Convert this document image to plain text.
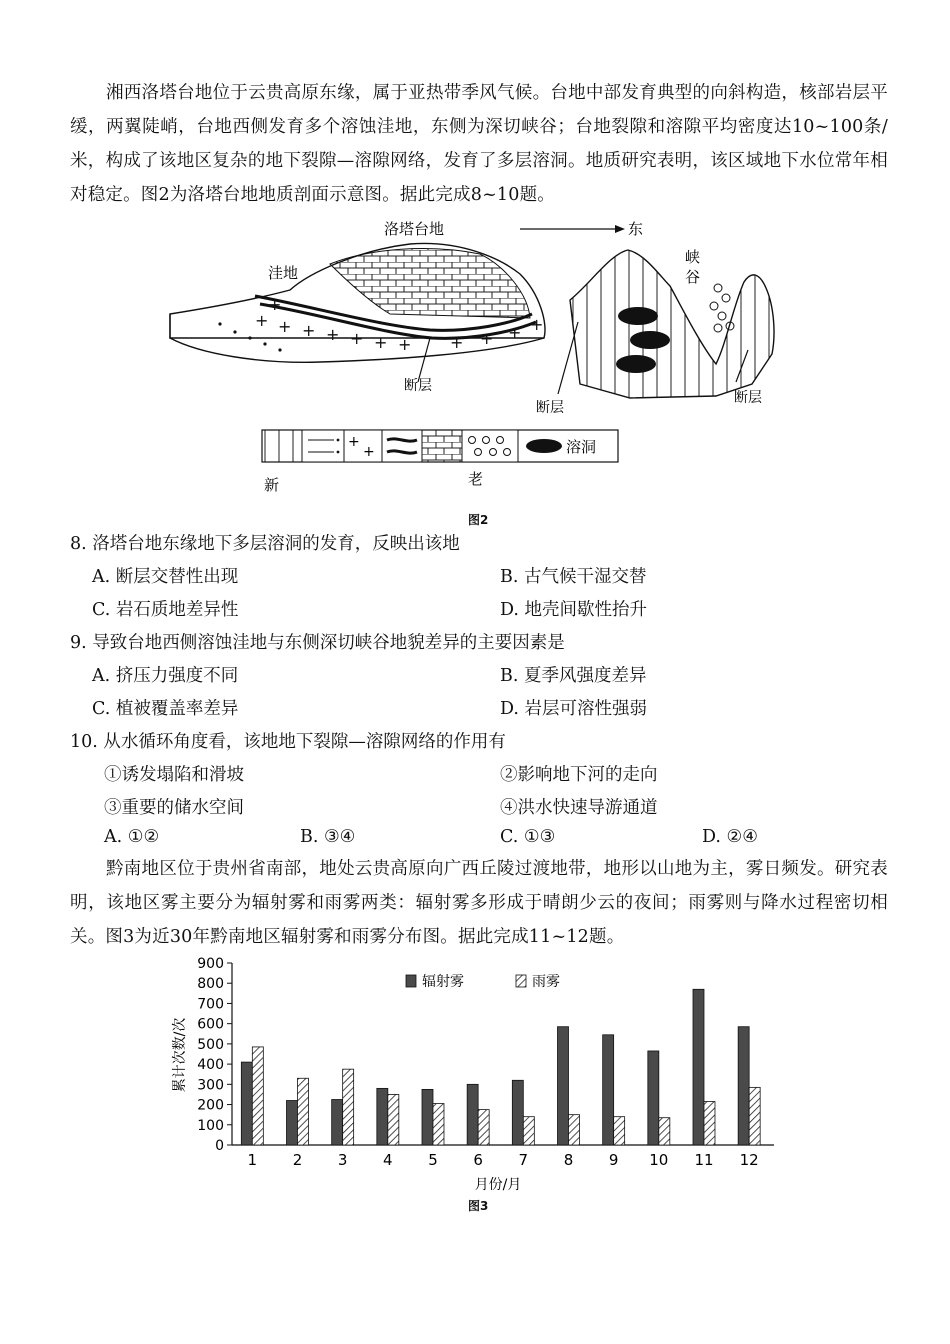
湘西洛塔台地位于云贵高原东缘，属于亚热带季风气候。台地中部发育典型的向斜构造，核部岩层平缓，两翼陡峭，台地西侧发育多个溶蚀洼地，东侧为深切峡谷；台地裂隙和溶隙平均密度达10~100条/米，构成了该地区复杂的地下裂隙—溶隙网络，发育了多层溶洞。地质研究表明，该区域地下水位常年相对稳定。图2为洛塔台地地质剖面示意图。据此完成8~10题。
洛塔台地	东
洼地
峡
谷
+ + + + + + + + + + +
+
断层
断层
断层
+
+	溶洞
新	老
图2
8. 洛塔台地东缘地下多层溶洞的发育，反映出该地
A. 断层交替性出现	B. 古气候干湿交替
C. 岩石质地差异性	D. 地壳间歇性抬升
9. 导致台地西侧溶蚀洼地与东侧深切峡谷地貌差异的主要因素是
A. 挤压力强度不同	B. 夏季风强度差异
C. 植被覆盖率差异	D. 岩层可溶性强弱
10. 从水循环角度看，该地地下裂隙—溶隙网络的作用有
①诱发塌陷和滑坡	②影响地下河的走向
③重要的储水空间	④洪水快速导游通道
A. ①②	B. ③④	C. ①③	D. ②④
黔南地区位于贵州省南部，地处云贵高原向广西丘陵过渡地带，地形以山地为主，雾日频发。研究表明，该地区雾主要分为辐射雾和雨雾两类：辐射雾多形成于晴朗少云的夜间；雨雾则与降水过程密切相关。图3为近30年黔南地区辐射雾和雨雾分布图。据此完成11~12题。
0
100
200
300
400
500
600
700
800
900
1 2 3 4 5 6 7 8 9 10 11 12
辐射雾	雨雾
累计次数/次
月份/月
图3
